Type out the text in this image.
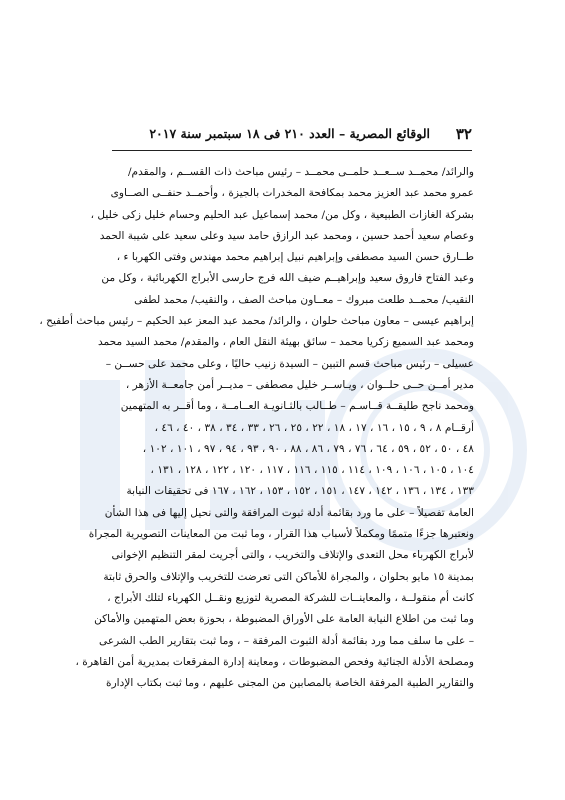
٣٢
الوقائع المصرية – العدد ٢١٠ فى ١٨ سبتمبر سنة ٢٠١٧
والرائد/ محمــد ســعــد حلمــى محمــد – رئيس مباحث ذات القســم ، والمقدم/
عمرو محمد عبد العزيز محمد بمكافحة المخدرات بالجيزة ، وأحمــد حنفــى الصــاوى
بشركة الغازات الطبيعية ، وكل من/ محمد إسماعيل عبد الحليم وحسام خليل زكى خليل ،
وعصام سعيد أحمد حسين ، ومحمد عبد الرازق حامد سيد وعلى سعيد على شيبة الحمد
طــارق حسن السيد مصطفى وإبراهيم نبيل إبراهيم محمد مهندس وفتى الكهربا ء ،
وعبد الفتاح فاروق سعيد وإبراهيــم ضيف الله فرج حارسى الأبراج الكهربائية ، وكل من
النقيب/ محمــد طلعت مبروك – معــاون مباحث الصف ، والنقيب/ محمد لطفى
إبراهيم عيسى – معاون مباحث حلوان ، والرائد/ محمد عبد المعز عبد الحكيم – رئيس مباحث أطفيح ،
ومحمد عبد السميع زكريا محمد – سائق بهيئة النقل العام ، والمقدم/ محمد السيد محمد
عسيلى – رئيس مباحث قسم التبين – السيدة زنيب حاليًا ، وعلى محمد على حســن –
مدير أمــن حــى حلــوان ، ويـاســر خليل مصطفى – مديــر أمن جامعــة الأزهر ،
ومحمد ناجح طليقــة قــاسـم – طــالب بالثـانويـة العــامــة ، وما أقــر به المتهمين
أرقــام ٨ ، ٩ ، ١٥ ، ١٦ ، ١٧ ، ١٨ ، ٢٢ ، ٢٥ ، ٢٦ ، ٣٣ ، ٣٤ ، ٣٨ ، ٤٠ ، ٤٦ ،
٤٨ ، ٥٠ ، ٥٢ ، ٥٩ ، ٦٤ ، ٧٦ ، ٧٩ ، ٨٦ ، ٨٨ ، ٩٠ ، ٩٣ ، ٩٤ ، ٩٧ ، ١٠١ ، ١٠٢ ،
١٠٤ ، ١٠٥ ، ١٠٦ ، ١٠٩ ، ١١٤ ، ١١٥ ، ١١٦ ، ١١٧ ، ١٢٠ ، ١٢٢ ، ١٢٨ ، ١٣١ ،
١٣٣ ، ١٣٤ ، ١٣٦ ، ١٤٢ ، ١٤٧ ، ١٥١ ، ١٥٢ ، ١٥٣ ، ١٦٢ ، ١٦٧ فى تحقيقات النيابة
العامة تفصيلاً – على ما ورد بقائمة أدلة ثبوت المرافقة والتى نحيل إليها فى هذا الشأن
ونعتبرها جزءًا متممًا ومكملاً لأسباب هذا القرار ، وما ثبت من المعاينات التصويرية المجراة
لأبراج الكهرباء محل التعدى والإتلاف والتخريب ، والتى أجريت لمقر التنظيم الإخوانى
بمدينة ١٥ مايو بحلوان ، والمجراة للأماكن التى تعرضت للتخريب والإتلاف والحرق ثابتة
كانت أم منقولــة ، والمعاينــات للشركة المصرية لتوزيع ونقــل الكهرباء لتلك الأبراج ،
وما ثبت من اطلاع النيابة العامة على الأوراق المضبوطة ، بحوزة بعض المتهمين والأماكن
– على ما سلف مما ورد بقائمة أدلة الثبوت المرفقة – ، وما ثبت بتقارير الطب الشرعى
ومصلحة الأدلة الجنائية وفحص المضبوطات ، ومعاينة إدارة المفرقعات بمديرية أمن القاهرة ،
والتقارير الطبية المرفقة الخاصة بالمصابين من المجنى عليهم ، وما ثبت بكتاب الإدارة
